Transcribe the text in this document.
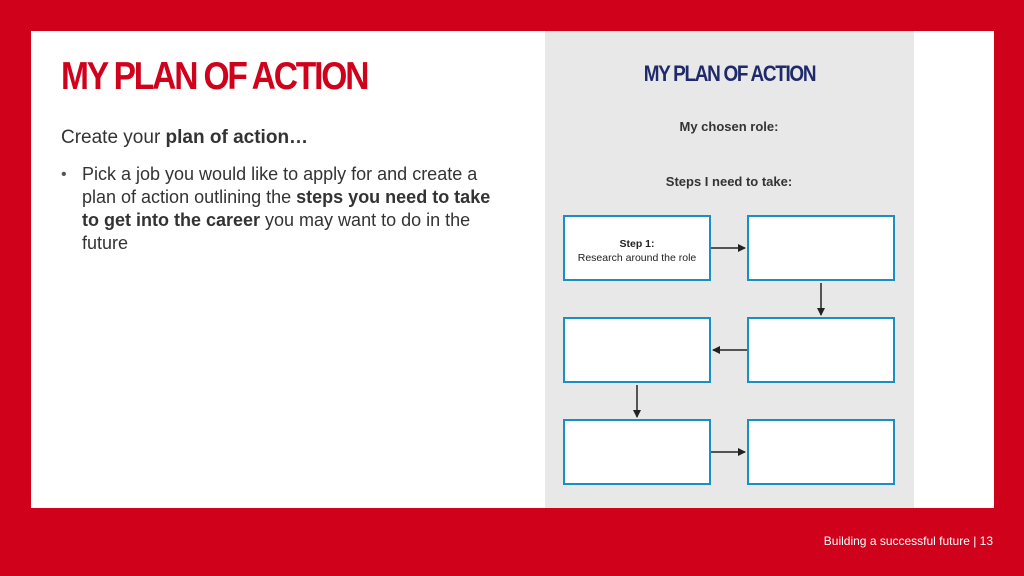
MY PLAN OF ACTION
Create your plan of action…
• Pick a job you would like to apply for and create a plan of action outlining the steps you need to take to get into the career you may want to do in the future
MY PLAN OF ACTION
My chosen role:
Steps I need to take:
Step 1:
Research around the role
Building a successful future | 13
